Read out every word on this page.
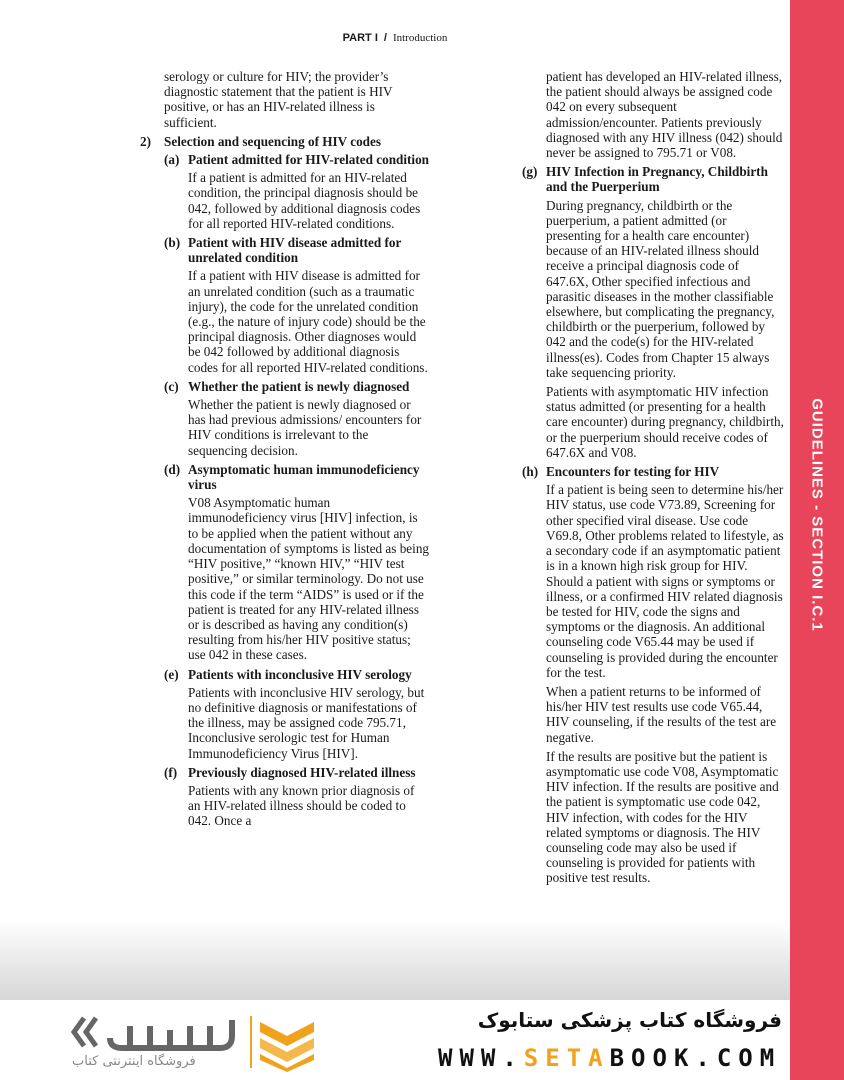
PART I / Introduction
serology or culture for HIV; the provider’s diagnostic statement that the patient is HIV positive, or has an HIV-related illness is sufficient.
2) Selection and sequencing of HIV codes
(a) Patient admitted for HIV-related condition
If a patient is admitted for an HIV-related condition, the principal diagnosis should be 042, followed by additional diagnosis codes for all reported HIV-related conditions.
(b) Patient with HIV disease admitted for unrelated condition
If a patient with HIV disease is admitted for an unrelated condition (such as a traumatic injury), the code for the unrelated condition (e.g., the nature of injury code) should be the principal diagnosis. Other diagnoses would be 042 followed by additional diagnosis codes for all reported HIV-related conditions.
(c) Whether the patient is newly diagnosed
Whether the patient is newly diagnosed or has had previous admissions/ encounters for HIV conditions is irrelevant to the sequencing decision.
(d) Asymptomatic human immunodeficiency virus
V08 Asymptomatic human immunodeficiency virus [HIV] infection, is to be applied when the patient without any documentation of symptoms is listed as being “HIV positive,” “known HIV,” “HIV test positive,” or similar terminology. Do not use this code if the term “AIDS” is used or if the patient is treated for any HIV-related illness or is described as having any condition(s) resulting from his/her HIV positive status; use 042 in these cases.
(e) Patients with inconclusive HIV serology
Patients with inconclusive HIV serology, but no definitive diagnosis or manifestations of the illness, may be assigned code 795.71, Inconclusive serologic test for Human Immunodeficiency Virus [HIV].
(f) Previously diagnosed HIV-related illness
Patients with any known prior diagnosis of an HIV-related illness should be coded to 042. Once a
patient has developed an HIV-related illness, the patient should always be assigned code 042 on every subsequent admission/encounter. Patients previously diagnosed with any HIV illness (042) should never be assigned to 795.71 or V08.
(g) HIV Infection in Pregnancy, Childbirth and the Puerperium
During pregnancy, childbirth or the puerperium, a patient admitted (or presenting for a health care encounter) because of an HIV-related illness should receive a principal diagnosis code of 647.6X, Other specified infectious and parasitic diseases in the mother classifiable elsewhere, but complicating the pregnancy, childbirth or the puerperium, followed by 042 and the code(s) for the HIV-related illness(es). Codes from Chapter 15 always take sequencing priority.
Patients with asymptomatic HIV infection status admitted (or presenting for a health care encounter) during pregnancy, childbirth, or the puerperium should receive codes of 647.6X and V08.
(h) Encounters for testing for HIV
If a patient is being seen to determine his/her HIV status, use code V73.89, Screening for other specified viral disease. Use code V69.8, Other problems related to lifestyle, as a secondary code if an asymptomatic patient is in a known high risk group for HIV. Should a patient with signs or symptoms or illness, or a confirmed HIV related diagnosis be tested for HIV, code the signs and symptoms or the diagnosis. An additional counseling code V65.44 may be used if counseling is provided during the encounter for the test.
When a patient returns to be informed of his/her HIV test results use code V65.44, HIV counseling, if the results of the test are negative.
If the results are positive but the patient is asymptomatic use code V08, Asymptomatic HIV infection. If the results are positive and the patient is symptomatic use code 042, HIV infection, with codes for the HIV related symptoms or diagnosis. The HIV counseling code may also be used if counseling is provided for patients with positive test results.
GUIDELINES - SECTION I.C.1
فروشگاه اینترنتی کتاب
فروشگاه کتاب پزشکی ستابوک
WWW.SETABOOK.COM
